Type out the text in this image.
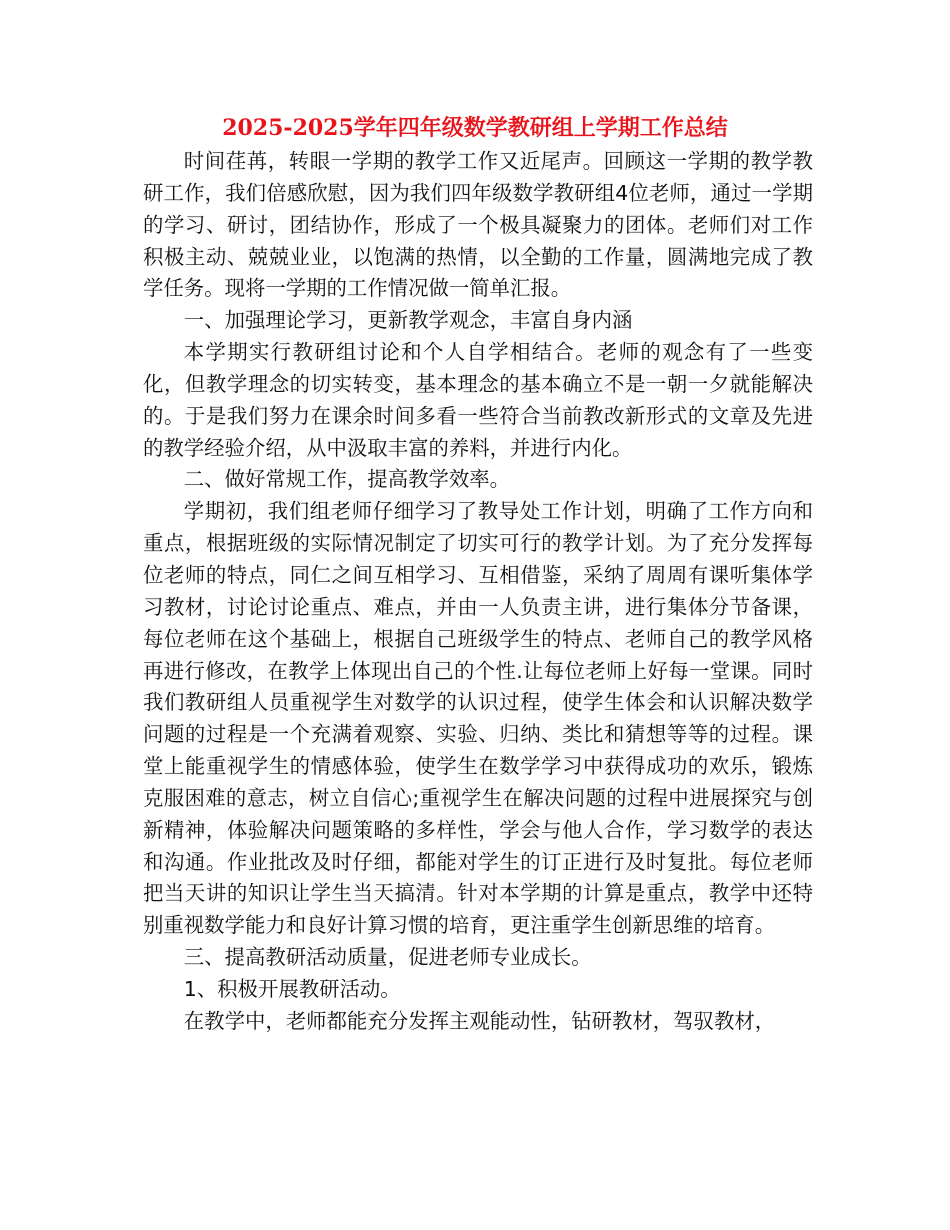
2025-2025学年四年级数学教研组上学期工作总结

时间荏苒，转眼一学期的教学工作又近尾声。回顾这一学期的教学教研工作，我们倍感欣慰，因为我们四年级数学教研组4位老师，通过一学期的学习、研讨，团结协作，形成了一个极具凝聚力的团体。老师们对工作积极主动、兢兢业业，以饱满的热情，以全勤的工作量，圆满地完成了教学任务。现将一学期的工作情况做一简单汇报。

一、加强理论学习，更新教学观念，丰富自身内涵

本学期实行教研组讨论和个人自学相结合。老师的观念有了一些变化，但教学理念的切实转变，基本理念的基本确立不是一朝一夕就能解决的。于是我们努力在课余时间多看一些符合当前教改新形式的文章及先进的教学经验介绍，从中汲取丰富的养料，并进行内化。

二、做好常规工作，提高教学效率。

学期初，我们组老师仔细学习了教导处工作计划，明确了工作方向和重点，根据班级的实际情况制定了切实可行的教学计划。为了充分发挥每位老师的特点，同仁之间互相学习、互相借鉴，采纳了周周有课听集体学习教材，讨论讨论重点、难点，并由一人负责主讲，进行集体分节备课，每位老师在这个基础上，根据自己班级学生的特点、老师自己的教学风格再进行修改，在教学上体现出自己的个性.让每位老师上好每一堂课。同时我们教研组人员重视学生对数学的认识过程，使学生体会和认识解决数学问题的过程是一个充满着观察、实验、归纳、类比和猜想等等的过程。课堂上能重视学生的情感体验，使学生在数学学习中获得成功的欢乐，锻炼克服困难的意志，树立自信心;重视学生在解决问题的过程中进展探究与创新精神，体验解决问题策略的多样性，学会与他人合作，学习数学的表达和沟通。作业批改及时仔细，都能对学生的订正进行及时复批。每位老师把当天讲的知识让学生当天搞清。针对本学期的计算是重点，教学中还特别重视数学能力和良好计算习惯的培育，更注重学生创新思维的培育。

三、提高教研活动质量，促进老师专业成长。

1、积极开展教研活动。

在教学中，老师都能充分发挥主观能动性，钻研教材，驾驭教材，
